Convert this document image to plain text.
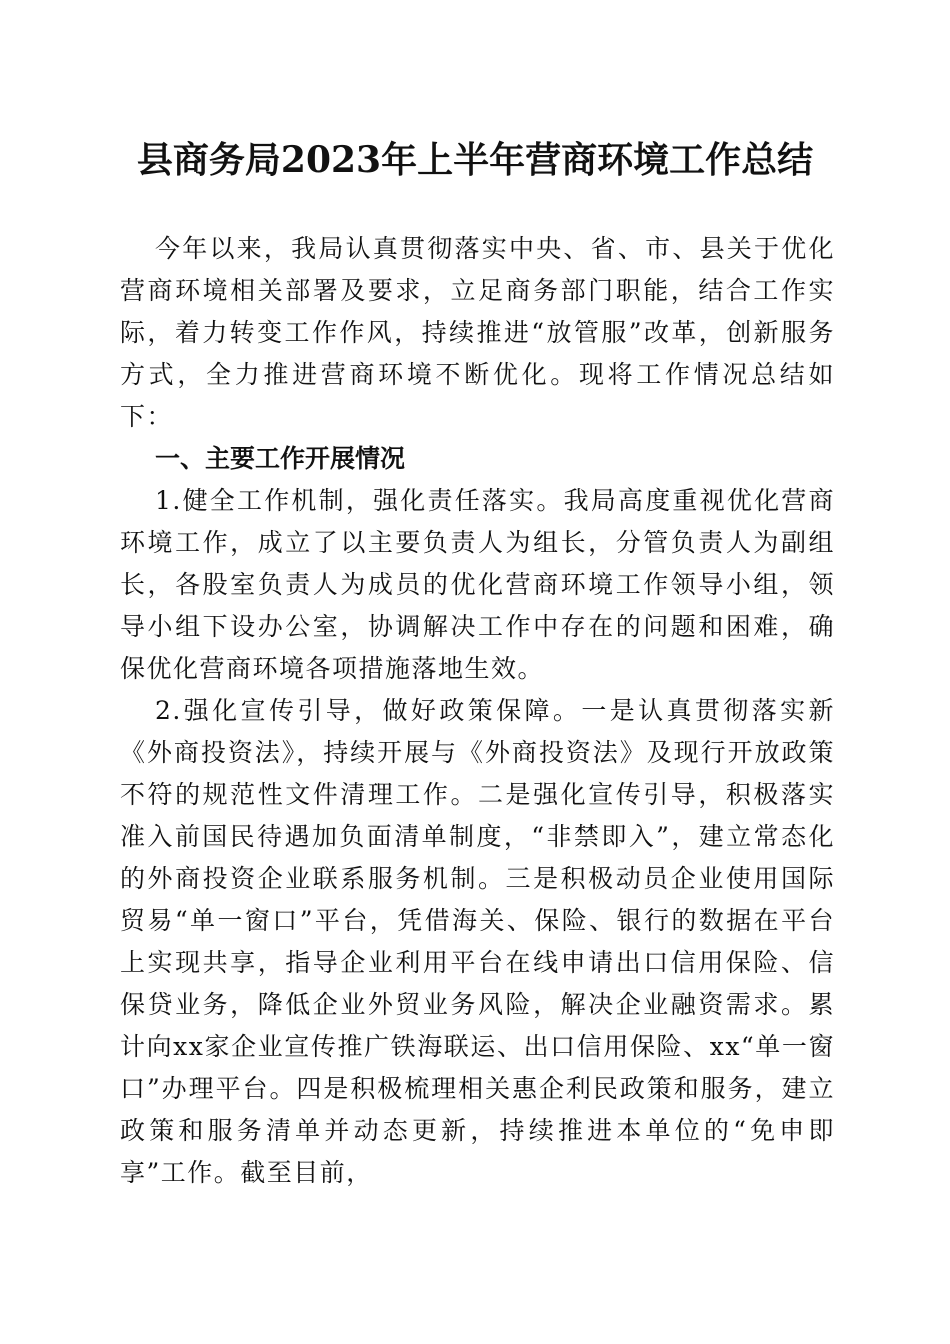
县商务局2023年上半年营商环境工作总结

今年以来，我局认真贯彻落实中央、省、市、县关于优化营商环境相关部署及要求，立足商务部门职能，结合工作实际，着力转变工作作风，持续推进“放管服”改革，创新服务方式，全力推进营商环境不断优化。现将工作情况总结如下：

一、主要工作开展情况

1.健全工作机制，强化责任落实。我局高度重视优化营商环境工作，成立了以主要负责人为组长，分管负责人为副组长，各股室负责人为成员的优化营商环境工作领导小组，领导小组下设办公室，协调解决工作中存在的问题和困难，确保优化营商环境各项措施落地生效。

2.强化宣传引导，做好政策保障。一是认真贯彻落实新《外商投资法》，持续开展与《外商投资法》及现行开放政策不符的规范性文件清理工作。二是强化宣传引导，积极落实准入前国民待遇加负面清单制度，“非禁即入”，建立常态化的外商投资企业联系服务机制。三是积极动员企业使用国际贸易“单一窗口”平台，凭借海关、保险、银行的数据在平台上实现共享，指导企业利用平台在线申请出口信用保险、信保贷业务，降低企业外贸业务风险，解决企业融资需求。累计向xx家企业宣传推广铁海联运、出口信用保险、xx“单一窗口”办理平台。四是积极梳理相关惠企利民政策和服务，建立政策和服务清单并动态更新，持续推进本单位的“免申即享”工作。截至目前，
